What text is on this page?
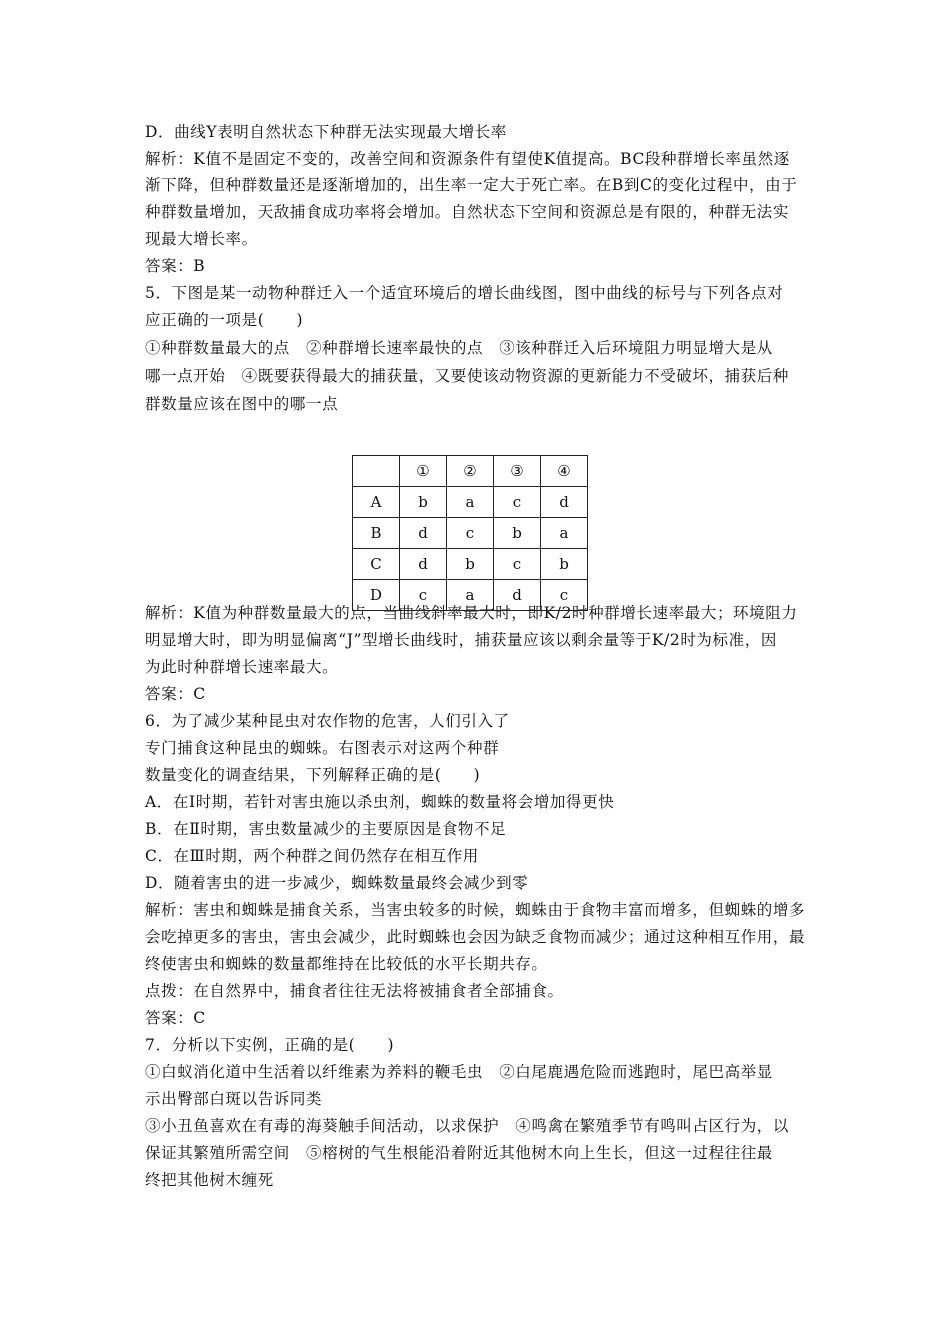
D．曲线Y表明自然状态下种群无法实现最大增长率
解析：K值不是固定不变的，改善空间和资源条件有望使K值提高。BC段种群增长率虽然逐
渐下降，但种群数量还是逐渐增加的，出生率一定大于死亡率。在B到C的变化过程中，由于
种群数量增加，天敌捕食成功率将会增加。自然状态下空间和资源总是有限的，种群无法实
现最大增长率。
答案：B
5．下图是某一动物种群迁入一个适宜环境后的增长曲线图，图中曲线的标号与下列各点对
应正确的一项是(　　)
①种群数量最大的点　②种群增长速率最快的点　③该种群迁入后环境阻力明显增大是从
哪一点开始　④既要获得最大的捕获量，又要使该动物资源的更新能力不受破坏，捕获后种
群数量应该在图中的哪一点
解析：K值为种群数量最大的点，当曲线斜率最大时，即K/2时种群增长速率最大；环境阻力
明显增大时，即为明显偏离“J”型增长曲线时，捕获量应该以剩余量等于K/2时为标准，因
为此时种群增长速率最大。
答案：C
6．为了减少某种昆虫对农作物的危害，人们引入了
专门捕食这种昆虫的蜘蛛。右图表示对这两个种群
数量变化的调查结果，下列解释正确的是(　　)
A．在Ⅰ时期，若针对害虫施以杀虫剂，蜘蛛的数量将会增加得更快
B．在Ⅱ时期，害虫数量减少的主要原因是食物不足
C．在Ⅲ时期，两个种群之间仍然存在相互作用
D．随着害虫的进一步减少，蜘蛛数量最终会减少到零
解析：害虫和蜘蛛是捕食关系，当害虫较多的时候，蜘蛛由于食物丰富而增多，但蜘蛛的增多
会吃掉更多的害虫，害虫会减少，此时蜘蛛也会因为缺乏食物而减少；通过这种相互作用，最
终使害虫和蜘蛛的数量都维持在比较低的水平长期共存。
点拨：在自然界中，捕食者往往无法将被捕食者全部捕食。
答案：C
7．分析以下实例，正确的是(　　)
①白蚁消化道中生活着以纤维素为养料的鞭毛虫　②白尾鹿遇危险而逃跑时，尾巴高举显
示出臀部白斑以告诉同类
③小丑鱼喜欢在有毒的海葵触手间活动，以求保护　④鸣禽在繁殖季节有鸣叫占区行为，以
保证其繁殖所需空间　⑤榕树的气生根能沿着附近其他树木向上生长，但这一过程往往最
终把其他树木缠死
	①	②	③	④
A	b	a	c	d
B	d	c	b	a
C	d	b	c	b
D	c	a	d	c
